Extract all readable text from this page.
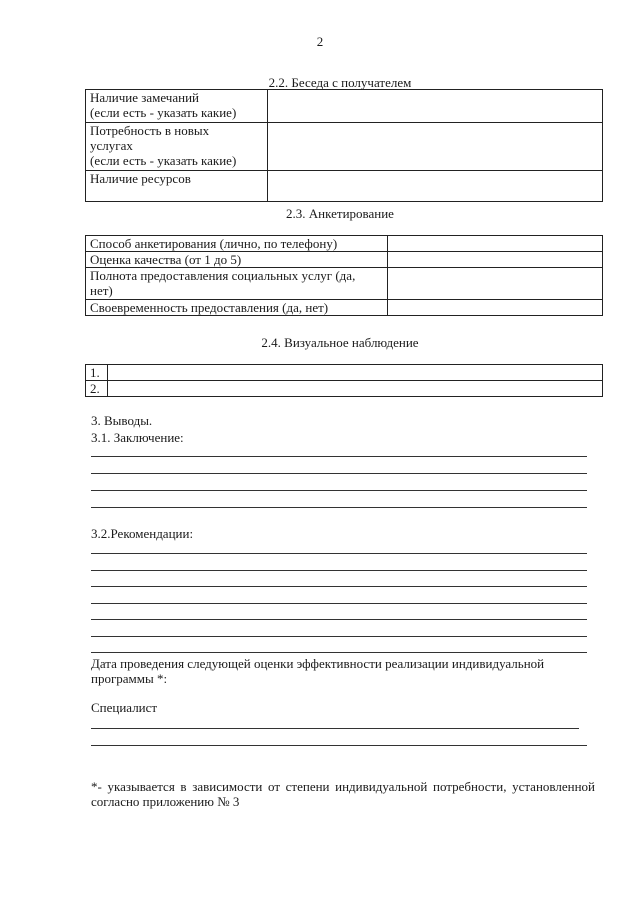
2
2.2. Беседа с получателем
Наличие замечаний
(если есть - указать какие)	

Потребность в новых
услугах
(если есть - указать какие)	

Наличие ресурсов	

2.3. Анкетирование
Способ анкетирования (лично, по телефону)	
Оценка качества (от 1 до 5)	

Полнота предоставления социальных услуг (да,
нет)	

Своевременность предоставления (да, нет)	
2.4. Визуальное наблюдение
1.	
2.	
3. Выводы.
3.1. Заключение:
3.2.Рекомендации:
Дата проведения следующей оценки эффективности реализации индивидуальной
программы *:
Специалист
*- указывается в зависимости от степени индивидуальной потребности, установленной
согласно приложению № 3
